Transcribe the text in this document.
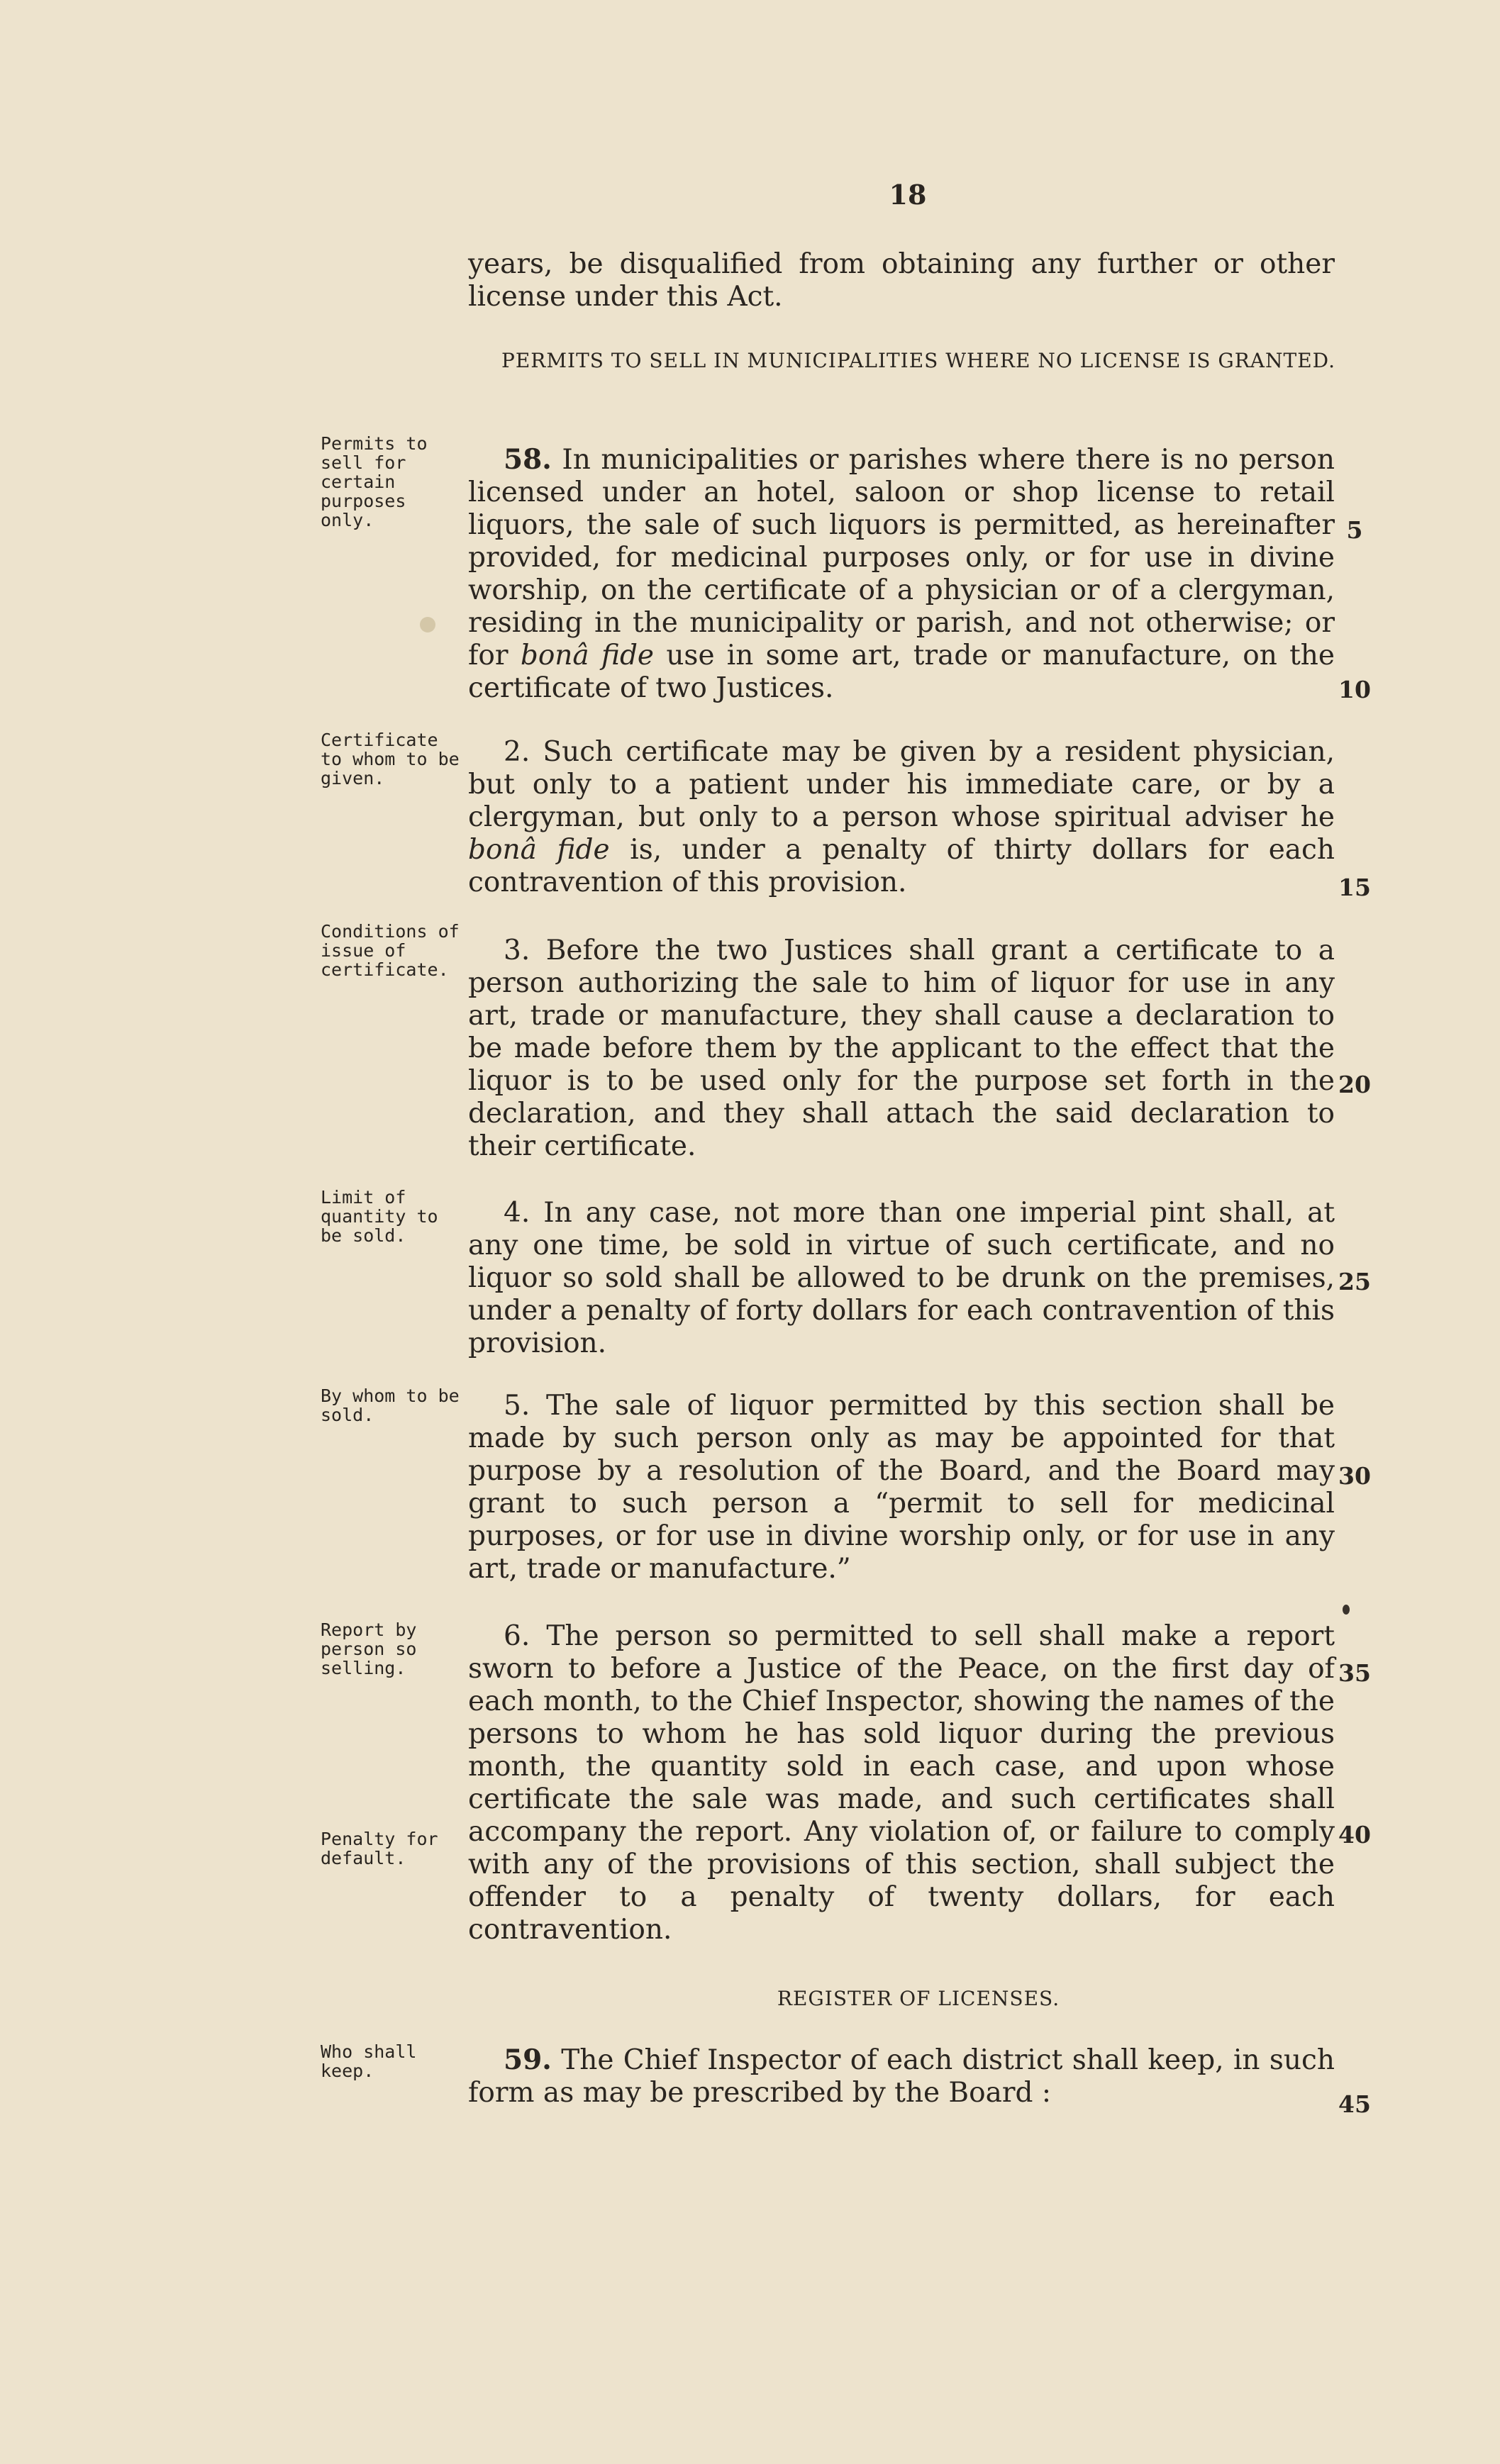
18
years, be disqualified from obtaining any further or other license under this Act.
PERMITS TO SELL IN MUNICIPALITIES WHERE NO LICENSE IS GRANTED.
Permits to sell for certain purposes only.
58. In municipalities or parishes where there is no person licensed under an hotel, saloon or shop license to retail liquors, the sale of such liquors is permitted, as hereinafter provided, for medicinal purposes only, or for use in divine worship, on the certificate of a physician or of a clergyman, residing in the municipality or parish, and not otherwise; or for bonâ fide use in some art, trade or manufacture, on the certificate of two Justices.
5
10
Certificate to whom to be given.
2. Such certificate may be given by a resident physician, but only to a patient under his immediate care, or by a clergyman, but only to a person whose spiritual adviser he bonâ fide is, under a penalty of thirty dollars for each contravention of this provision.	15
Conditions of issue of certificate.
3. Before the two Justices shall grant a certificate to a person authorizing the sale to him of liquor for use in any art, trade or manufacture, they shall cause a declaration to be made before them by the applicant to the effect that the liquor is to be used only for the purpose set forth in the declaration, and they shall attach the said declaration to their certificate.
20
Limit of quantity to be sold.
4. In any case, not more than one imperial pint shall, at any one time, be sold in virtue of such certificate, and no liquor so sold shall be allowed to be drunk on the premises, under a penalty of forty dollars for each contravention of this provision.
25
By whom to be sold.	5. The sale of liquor permitted by this section shall be made by such person only as may be appointed for that purpose by a resolution of the Board, and the Board may grant to such person a “permit to sell for medicinal purposes, or for use in divine worship only, or for use in any art, trade or manufacture.”
30
Report by person so selling.
Penalty for default.
6. The person so permitted to sell shall make a report sworn to before a Justice of the Peace, on the first day of each month, to the Chief Inspector, showing the names of the persons to whom he has sold liquor during the previous month, the quantity sold in each case, and upon whose certificate the sale was made, and such certificates shall accompany the report. Any violation of, or failure to comply with any of the provisions of this section, shall subject the offender to a penalty of twenty dollars, for each contravention.
35
40
REGISTER OF LICENSES.
Who shall keep.	59. The Chief Inspector of each district shall keep, in such form as may be prescribed by the Board :	45
